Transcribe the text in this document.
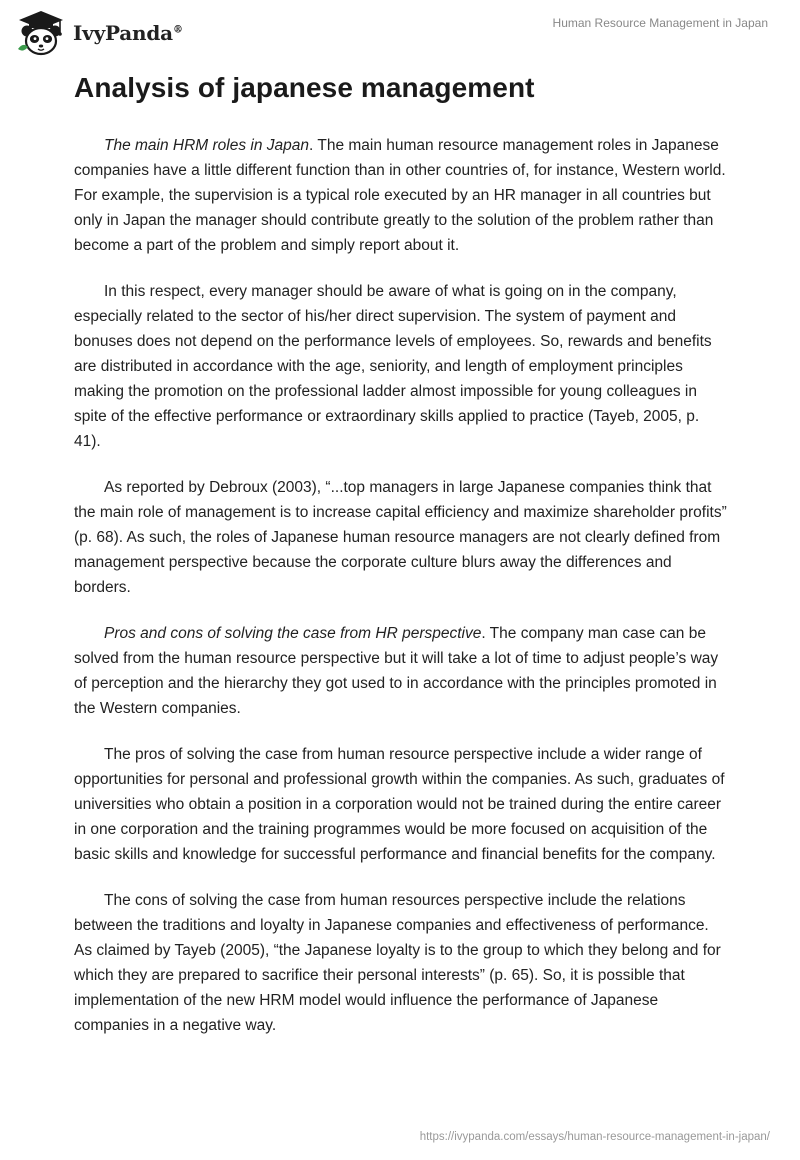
IvyPanda®	Human Resource Management in Japan
Analysis of japanese management

The main HRM roles in Japan. The main human resource management roles in Japanese companies have a little different function than in other countries of, for instance, Western world. For example, the supervision is a typical role executed by an HR manager in all countries but only in Japan the manager should contribute greatly to the solution of the problem rather than become a part of the problem and simply report about it.

In this respect, every manager should be aware of what is going on in the company, especially related to the sector of his/her direct supervision. The system of payment and bonuses does not depend on the performance levels of employees. So, rewards and benefits are distributed in accordance with the age, seniority, and length of employment principles making the promotion on the professional ladder almost impossible for young colleagues in spite of the effective performance or extraordinary skills applied to practice (Tayeb, 2005, p. 41).

As reported by Debroux (2003), “...top managers in large Japanese companies think that the main role of management is to increase capital efficiency and maximize shareholder profits” (p. 68). As such, the roles of Japanese human resource managers are not clearly defined from management perspective because the corporate culture blurs away the differences and borders.

Pros and cons of solving the case from HR perspective. The company man case can be solved from the human resource perspective but it will take a lot of time to adjust people’s way of perception and the hierarchy they got used to in accordance with the principles promoted in the Western companies.

The pros of solving the case from human resource perspective include a wider range of opportunities for personal and professional growth within the companies. As such, graduates of universities who obtain a position in a corporation would not be trained during the entire career in one corporation and the training programmes would be more focused on acquisition of the basic skills and knowledge for successful performance and financial benefits for the company.

The cons of solving the case from human resources perspective include the relations between the traditions and loyalty in Japanese companies and effectiveness of performance. As claimed by Tayeb (2005), “the Japanese loyalty is to the group to which they belong and for which they are prepared to sacrifice their personal interests” (p. 65). So, it is possible that implementation of the new HRM model would influence the performance of Japanese companies in a negative way.

https://ivypanda.com/essays/human-resource-management-in-japan/
